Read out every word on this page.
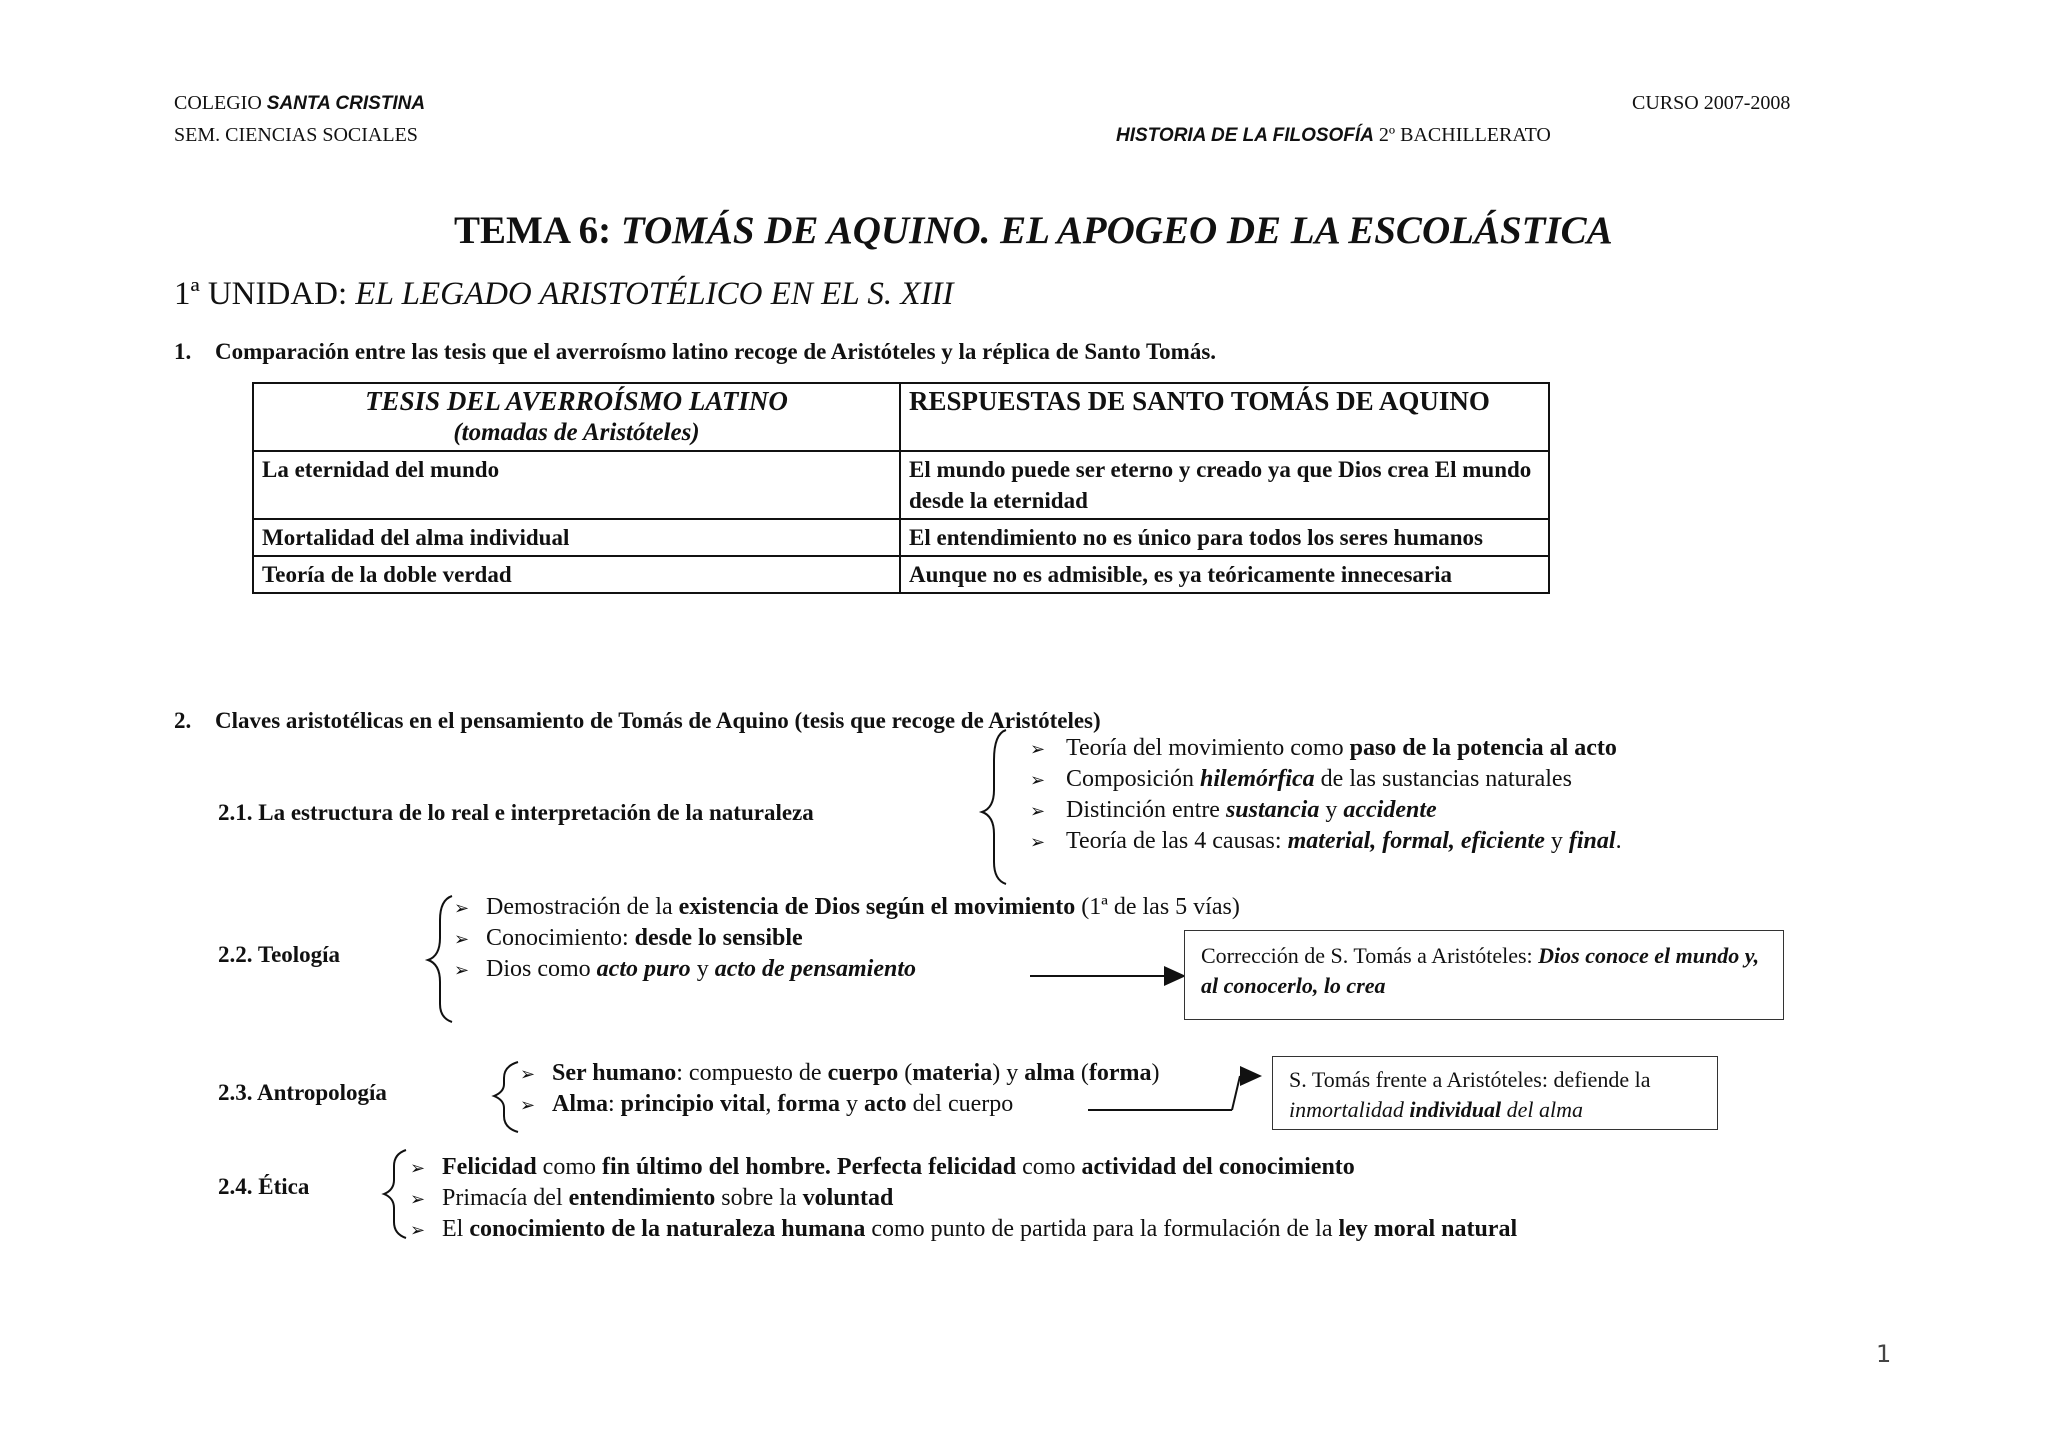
COLEGIO SANTA CRISTINA
SEM. CIENCIAS SOCIALES
CURSO 2007-2008
HISTORIA DE LA FILOSOFÍA 2º BACHILLERATO
TEMA 6: TOMÁS DE AQUINO. EL APOGEO DE LA ESCOLÁSTICA
1ª UNIDAD: EL LEGADO ARISTOTÉLICO EN EL S. XIII
1. Comparación entre las tesis que el averroísmo latino recoge de Aristóteles y la réplica de Santo Tomás.
TESIS DEL AVERROÍSMO LATINO
(tomadas de Aristóteles)	RESPUESTAS DE SANTO TOMÁS DE AQUINO
La eternidad del mundo	El mundo puede ser eterno y creado ya que Dios crea El mundo desde la eternidad
Mortalidad del alma individual	El entendimiento no es único para todos los seres humanos
Teoría de la doble verdad	Aunque no es admisible, es ya teóricamente innecesaria
2. Claves aristotélicas en el pensamiento de Tomás de Aquino (tesis que recoge de Aristóteles)
2.1. La estructura de lo real e interpretación de la naturaleza
➢ Teoría del movimiento como paso de la potencia al acto
➢ Composición hilemórfica de las sustancias naturales
➢ Distinción entre sustancia y accidente
➢ Teoría de las 4 causas: material, formal, eficiente y final.
2.2. Teología
➢ Demostración de la existencia de Dios según el movimiento (1ª de las 5 vías)
➢ Conocimiento: desde lo sensible
➢ Dios como acto puro y acto de pensamiento
Corrección de S. Tomás a Aristóteles: Dios conoce el mundo y, al conocerlo, lo crea
2.3. Antropología
➢ Ser humano: compuesto de cuerpo (materia) y alma (forma)
➢ Alma: principio vital, forma y acto del cuerpo
S. Tomás frente a Aristóteles: defiende la inmortalidad individual del alma
2.4. Ética
➢ Felicidad como fin último del hombre. Perfecta felicidad como actividad del conocimiento
➢ Primacía del entendimiento sobre la voluntad
➢ El conocimiento de la naturaleza humana como punto de partida para la formulación de la ley moral natural
1
